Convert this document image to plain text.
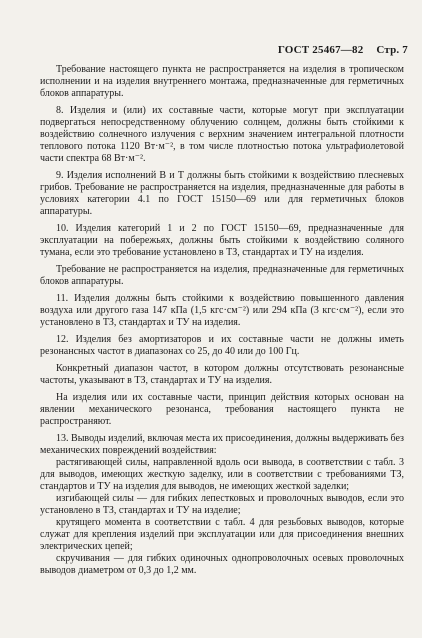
ГОСТ 25467—82 Стр. 7

Требование настоящего пункта не распространяется на изделия в тропическом исполнении и на изделия внутреннего монтажа, предназначенные для герметичных блоков аппаратуры.

8. Изделия и (или) их составные части, которые могут при эксплуатации подвергаться непосредственному облучению солнцем, должны быть стойкими к воздействию солнечного излучения с верхним значением интегральной плотности теплового потока 1120 Вт·м⁻², в том числе плотностью потока ультрафиолетовой части спектра 68 Вт·м⁻².

9. Изделия исполнений В и Т должны быть стойкими к воздействию плесневых грибов. Требование не распространяется на изделия, предназначенные для работы в условиях категории 4.1 по ГОСТ 15150—69 или для герметичных блоков аппаратуры.

10. Изделия категорий 1 и 2 по ГОСТ 15150—69, предназначенные для эксплуатации на побережьях, должны быть стойкими к воздействию соляного тумана, если это требование установлено в ТЗ, стандартах и ТУ на изделия.

Требование не распространяется на изделия, предназначенные для герметичных блоков аппаратуры.

11. Изделия должны быть стойкими к воздействию повышенного давления воздуха или другого газа 147 кПа (1,5 кгс·см⁻²) или 294 кПа (3 кгс·см⁻²), если это установлено в ТЗ, стандартах и ТУ на изделия.

12. Изделия без амортизаторов и их составные части не должны иметь резонансных частот в диапазонах со 25, до 40 или до 100 Гц.

Конкретный диапазон частот, в котором должны отсутствовать резонансные частоты, указывают в ТЗ, стандартах и ТУ на изделия.

На изделия или их составные части, принцип действия которых основан на явлении механического резонанса, требования настоящего пункта не распространяют.

13. Выводы изделий, включая места их присоединения, должны выдерживать без механических повреждений воздействия:

растягивающей силы, направленной вдоль оси вывода, в соответствии с табл. 3 для выводов, имеющих жесткую заделку, или в соответствии с требованиями ТЗ, стандартов и ТУ на изделия для выводов, не имеющих жесткой заделки;

изгибающей силы — для гибких лепестковых и проволочных выводов, если это установлено в ТЗ, стандартах и ТУ на изделие;

крутящего момента в соответствии с табл. 4 для резьбовых выводов, которые служат для крепления изделий при эксплуатации или для присоединения внешних электрических цепей;

скручивания — для гибких одиночных однопроволочных осевых проволочных выводов диаметром от 0,3 до 1,2 мм.
